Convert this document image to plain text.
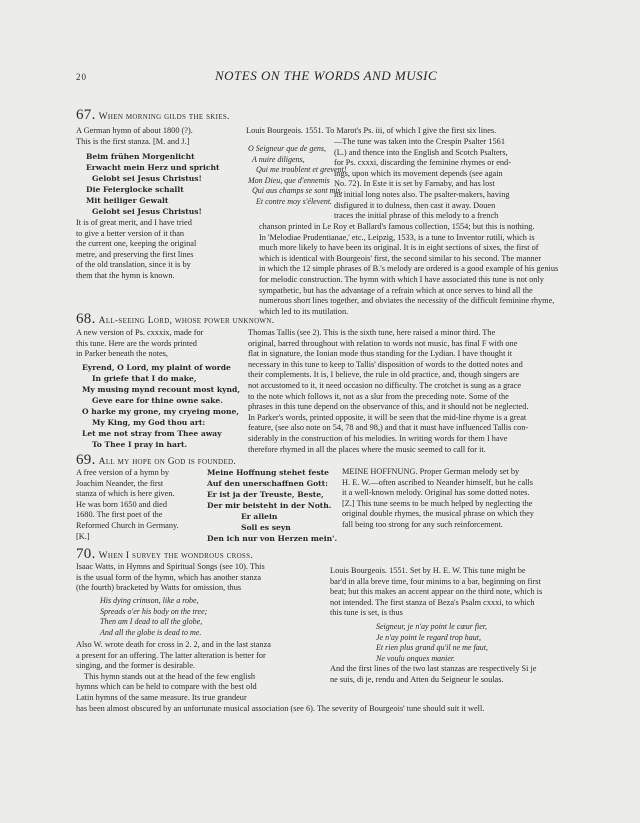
20	NOTES ON THE WORDS AND MUSIC
67. When morning gilds the skies.
A German hymn of about 1800 (?).
This is the first stanza. [M. and J.]
Beim frühen Morgenlicht
Erwacht mein Herz und spricht
Gelobt sei Jesus Christus!
Die Feierglocke schallt
Mit heiliger Gewalt
Gelobt sei Jesus Christus!
It is of great merit, and I have tried
to give a better version of it than
the current one, keeping the original
metre, and preserving the first lines
of the old translation, since it is by
them that the hymn is known.
Louis Bourgeois. 1551. To Marot's Ps. iii, of which I give the first six lines.
O Seigneur que de gens,
A nuire diligens,
Qui me troublent et grevent!
Mon Dieu, que d'ennemis
Qui aus champs se sont mis,
Et contre moy s'élevent.
—The tune was taken into the Crespin Psalter 1561
(L.) and thence into the English and Scotch Psalters,
for Ps. cxxxi, discarding the feminine rhymes or end-
ings, upon which its movement depends (see again
No. 72). In Este it is set by Farnaby, and has lost
its initial long notes also. The psalter-makers, having
disfigured it to dulness, then cast it away. Douen
traces the initial phrase of this melody to a french
chanson printed in Le Roy et Ballard's famous collection, 1554; but this is nothing.
In 'Melodiae Prudentianae,' etc., Leipzig, 1533, is a tune to Inventor rutili, which is
much more likely to have been its original. It is in eight sections of sixes, the first of
which is identical with Bourgeois' first, the second similar to his second. The manner
in which the 12 simple phrases of B.'s melody are ordered is a good example of his genius
for melodic construction. The hymn with which I have associated this tune is not only
sympathetic, but has the advantage of a refrain which at once serves to bind all the
numerous short lines together, and obviates the necessity of the difficult feminine rhyme,
which led to its mutilation.
68. All-seeing Lord, whose power unknown.
A new version of Ps. cxxxix, made for
this tune. Here are the words printed
in Parker beneath the notes,
Eyrend, O Lord, my plaint of worde
In griefe that I do make,
My musing mynd recount most kynd,
Geve eare for thine owne sake.
O harke my grone, my cryeing mone,
My King, my God thou art:
Let me not stray from Thee away
To Thee I pray in hart.
Thomas Tallis (see 2). This is the sixth tune, here raised a minor third. The
original, barred throughout with relation to words not music, has final F with one
flat in signature, the Ionian mode thus standing for the Lydian. I have thought it
necessary in this tune to keep to Tallis' disposition of words to the dotted notes and
their complements. It is, I believe, the rule in old practice, and, though singers are
not accustomed to it, it need occasion no difficulty. The crotchet is sung as a grace
to the note which follows it, not as a slur from the preceding note. Some of the
phrases in this tune depend on the observance of this, and it should not be neglected.
In Parker's words, printed opposite, it will be seen that the mid-line rhyme is a great
feature, (see also note on 54, 78 and 98,) and that it must have influenced Tallis con-
siderably in the construction of his melodies. In writing words for them I have
therefore rhymed in all the places where the music seemed to call for it.
69. All my hope on God is founded.
A free version of a hymn by
Joachim Neander, the first
stanza of which is here given.
He was born 1650 and died
1680. The first poet of the
Reformed Church in Germany.
[K.]
Meine Hoffnung stehet feste
Auf den unerschaffnen Gott:
Er ist ja der Treuste, Beste,
Der mir beisteht in der Noth.
Er allein
Soll es seyn
Den ich nur von Herzen mein'.
MEINE HOFFNUNG. Proper German melody set by
H. E. W.—often ascribed to Neander himself, but he calls
it a well-known melody. Original has some dotted notes.
[Z.] This tune seems to be much helped by neglecting the
original double rhymes, the musical phrase on which they
fall being too strong for any such reinforcement.
70. When I survey the wondrous cross.
Isaac Watts, in Hymns and Spiritual Songs (see 10). This
is the usual form of the hymn, which has another stanza
(the fourth) bracketed by Watts for omission, thus
His dying crimson, like a robe,
Spreads o'er his body on the tree;
Then am I dead to all the globe,
And all the globe is dead to me.
Also W. wrote death for cross in 2. 2, and in the last stanza
a present for an offering. The latter alteration is better for
singing, and the former is desirable.
This hymn stands out at the head of the few english
hymns which can be held to compare with the best old
Latin hymns of the same measure. Its true grandeur
Louis Bourgeois. 1551. Set by H. E. W. This tune might be
bar'd in alla breve time, four minims to a bar, beginning on first
beat; but this makes an accent appear on the third note, which is
not intended. The first stanza of Beza's Psalm cxxxi, to which
this tune is set, is thus
Seigneur, je n'ay point le cœur fier,
Je n'ay point le regard trop haut,
Et rien plus grand qu'il ne me faut,
Ne voulu onques manier.
And the first lines of the two last stanzas are respectively Si je
ne suis, di je, rendu and Atten du Seigneur le soulas.
has been almost obscured by an unfortunate musical association (see 6). The severity of Bourgeois' tune should suit it well.
